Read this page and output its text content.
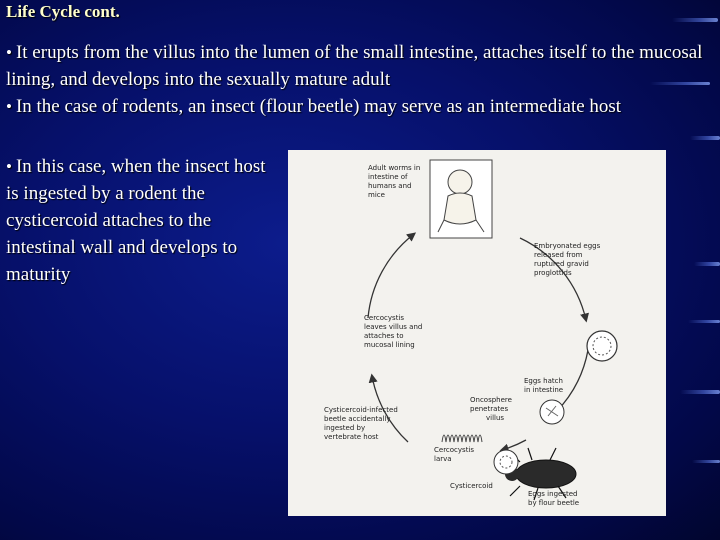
Life Cycle cont.

• It erupts from the villus into the lumen of the small intestine, attaches itself to the mucosal lining, and develops into the sexually mature adult

• In the case of rodents, an insect (flour beetle) may serve as an intermediate host

• In this case, when the insect host is ingested by a rodent the cysticercoid attaches to the intestinal wall and develops to maturity

Adult worms in intestine of humans and mice
Embryonated eggs released from ruptured gravid proglottids
Eggs hatch in intestine
Oncosphere penetrates villus
Cercocystis larva
Cysticercoid
Eggs ingested by flour beetle
Cysticercoid-infected beetle accidentally ingested by vertebrate host
Cercocystis leaves villus and attaches to mucosal lining
